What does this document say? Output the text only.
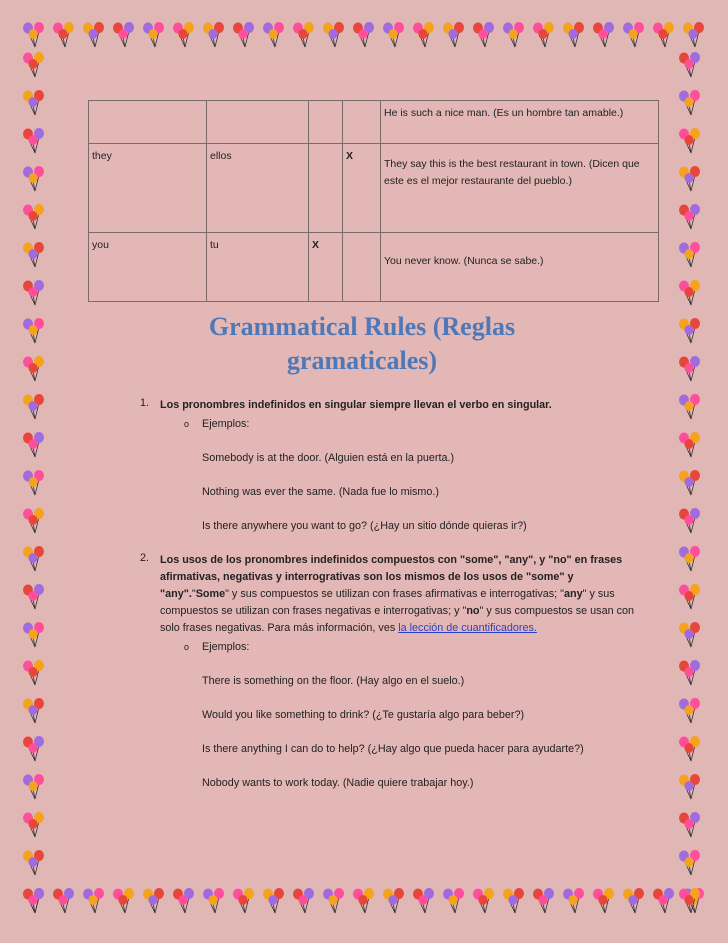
				He is such a nice man. (Es un hombre tan amable.)
they	ellos		X	They say this is the best restaurant in town. (Dicen que este es el mejor restaurante del pueblo.)

you	tu	X		You never know. (Nunca se sabe.)
Grammatical Rules (Reglas gramaticales)
1. Los pronombres indefinidos en singular siempre llevan el verbo en singular.
o Ejemplos:
Somebody is at the door. (Alguien está en la puerta.)
Nothing was ever the same. (Nada fue lo mismo.)
Is there anywhere you want to go? (¿Hay un sitio dónde quieras ir?)
2. Los usos de los pronombres indefinidos compuestos con "some", "any", y "no" en frases afirmativas, negativas y interrogrativas son los mismos de los usos de "some" y "any"."Some" y sus compuestos se utilizan con frases afirmativas e interrogativas; "any" y sus compuestos se utilizan con frases negativas e interrogativas; y "no" y sus compuestos se usan con solo frases negativas. Para más información, ves la lección de cuantificadores.
o Ejemplos:
There is something on the floor. (Hay algo en el suelo.)
Would you like something to drink? (¿Te gustaría algo para beber?)
Is there anything I can do to help? (¿Hay algo que pueda hacer para ayudarte?)
Nobody wants to work today. (Nadie quiere trabajar hoy.)
